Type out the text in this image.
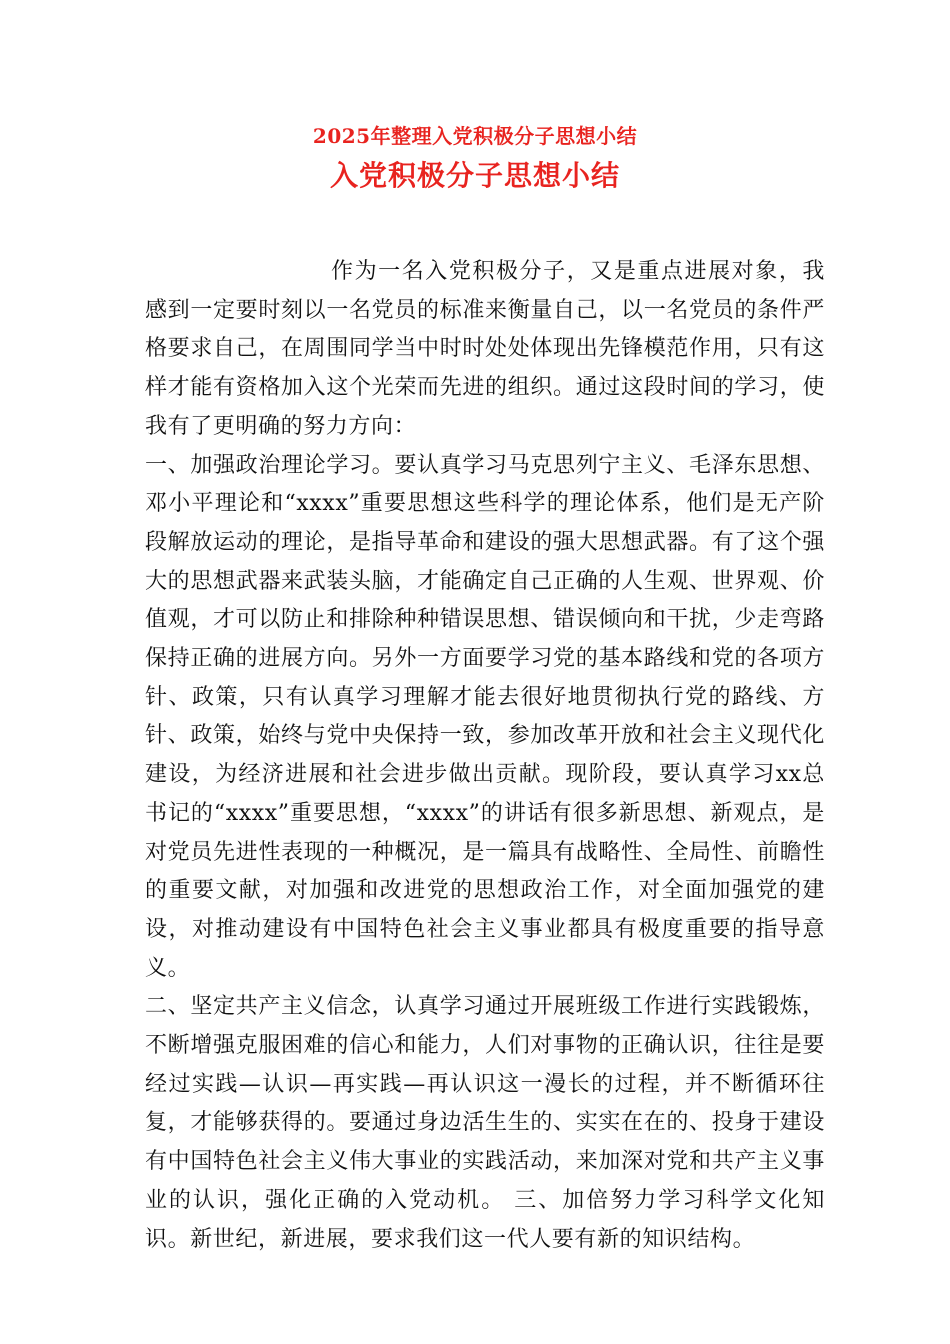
2025年整理入党积极分子思想小结
入党积极分子思想小结

作为一名入党积极分子，又是重点进展对象，我感到一定要时刻以一名党员的标准来衡量自己，以一名党员的条件严格要求自己，在周围同学当中时时处处体现出先锋模范作用，只有这样才能有资格加入这个光荣而先进的组织。通过这段时间的学习，使我有了更明确的努力方向：

一、加强政治理论学习。要认真学习马克思列宁主义、毛泽东思想、邓小平理论和“xxxx”重要思想这些科学的理论体系，他们是无产阶段解放运动的理论，是指导革命和建设的强大思想武器。有了这个强大的思想武器来武装头脑，才能确定自己正确的人生观、世界观、价值观，才可以防止和排除种种错误思想、错误倾向和干扰，少走弯路保持正确的进展方向。另外一方面要学习党的基本路线和党的各项方针、政策，只有认真学习理解才能去很好地贯彻执行党的路线、方针、政策，始终与党中央保持一致，参加改革开放和社会主义现代化建设，为经济进展和社会进步做出贡献。现阶段，要认真学习xx总书记的“xxxx”重要思想，“xxxx”的讲话有很多新思想、新观点，是对党员先进性表现的一种概况，是一篇具有战略性、全局性、前瞻性的重要文献，对加强和改进党的思想政治工作，对全面加强党的建设，对推动建设有中国特色社会主义事业都具有极度重要的指导意义。

二、坚定共产主义信念，认真学习通过开展班级工作进行实践锻炼，不断增强克服困难的信心和能力，人们对事物的正确认识，往往是要经过实践—认识—再实践—再认识这一漫长的过程，并不断循环往复，才能够获得的。要通过身边活生生的、实实在在的、投身于建设有中国特色社会主义伟大事业的实践活动，来加深对党和共产主义事业的认识，强化正确的入党动机。 三、加倍努力学习科学文化知识。新世纪，新进展，要求我们这一代人要有新的知识结构。
